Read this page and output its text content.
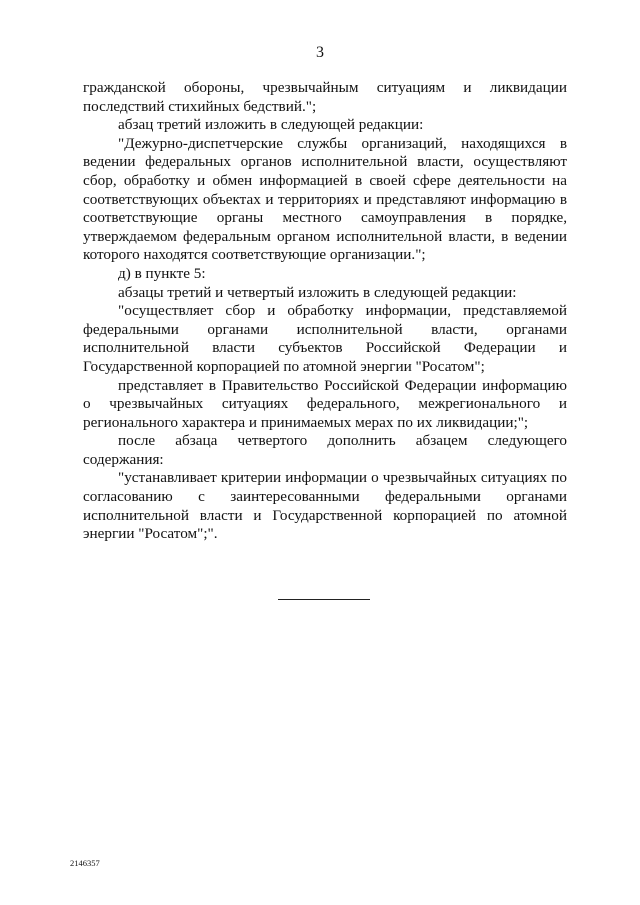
3

гражданской обороны, чрезвычайным ситуациям и ликвидации последствий стихийных бедствий.";

абзац третий изложить в следующей редакции:

"Дежурно-диспетчерские службы организаций, находящихся в ведении федеральных органов исполнительной власти, осуществляют сбор, обработку и обмен информацией в своей сфере деятельности на соответствующих объектах и территориях и представляют информацию в соответствующие органы местного самоуправления в порядке, утверждаемом федеральным органом исполнительной власти, в ведении которого находятся соответствующие организации.";

д) в пункте 5:

абзацы третий и четвертый изложить в следующей редакции:

"осуществляет сбор и обработку информации, представляемой федеральными органами исполнительной власти, органами исполнительной власти субъектов Российской Федерации и Государственной корпорацией по атомной энергии "Росатом";

представляет в Правительство Российской Федерации информацию о чрезвычайных ситуациях федерального, межрегионального и регионального характера и принимаемых мерах по их ликвидации;";

после абзаца четвертого дополнить абзацем следующего содержания:

"устанавливает критерии информации о чрезвычайных ситуациях по согласованию с заинтересованными федеральными органами исполнительной власти и Государственной корпорацией по атомной энергии "Росатом";".

2146357
